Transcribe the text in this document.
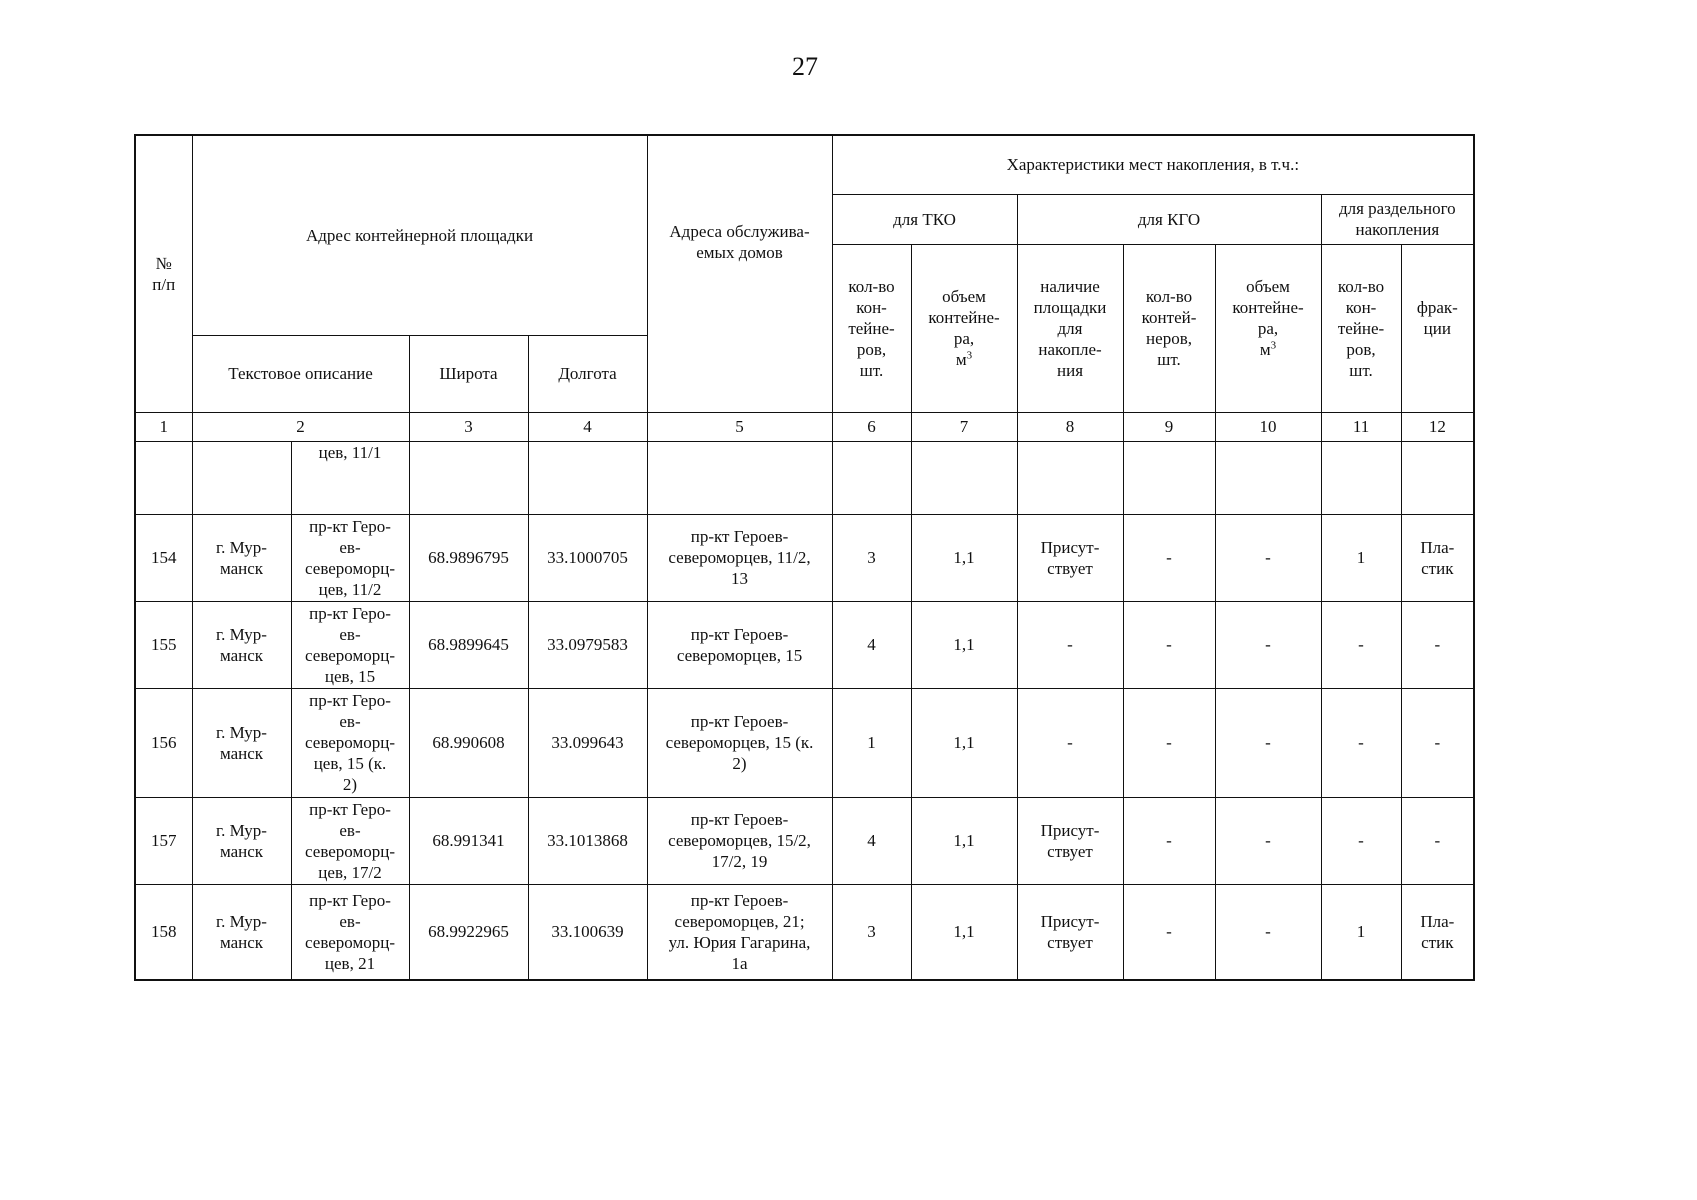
27
№
п/п	Адрес контейнерной площадки				Адреса обслужива-
емых домов	Характеристики мест накопления, в т.ч.:						
						для ТКО		для КГО			для раздельного
накопления	
						кол-во
кон-
тейне-
ров,
шт.	объем
контейне-
ра,
$м^3$	наличие
площадки
для
накопле-
ния	кол-во
контей-
неров,
шт.	объем
контейне-
ра,
$м^3$	кол-во
кон-
тейне-
ров,
шт.	фрак-
ции

	Текстовое описание		Широта	Долгота								
1	2		3	4	5	6	7	8	9	10	11	12
		цев, 11/1										
154	г. Мур-
манск	пр-кт Геро-
ев-
североморц-
цев, 11/2	68.9896795	33.1000705	пр-кт Героев-
североморцев, 11/2,
13	3	1,1	Присут-
ствует	-	-	1	Пла-
стик
155	г. Мур-
манск	пр-кт Геро-
ев-
североморц-
цев, 15	68.9899645	33.0979583	пр-кт Героев-
североморцев, 15	4	1,1	-	-	-	-	-
156	г. Мур-
манск	пр-кт Геро-
ев-
североморц-
цев, 15 (к.
2)	68.990608	33.099643	пр-кт Героев-
североморцев, 15 (к.
2)	1	1,1	-	-	-	-	-
157	г. Мур-
манск	пр-кт Геро-
ев-
североморц-
цев, 17/2	68.991341	33.1013868	пр-кт Героев-
североморцев, 15/2,
17/2, 19	4	1,1	Присут-
ствует	-	-	-	-
158	г. Мур-
манск	пр-кт Геро-
ев-
североморц-
цев, 21	68.9922965	33.100639	пр-кт Героев-
североморцев, 21;
ул. Юрия Гагарина,
1а	3	1,1	Присут-
ствует	-	-	1	Пла-
стик
